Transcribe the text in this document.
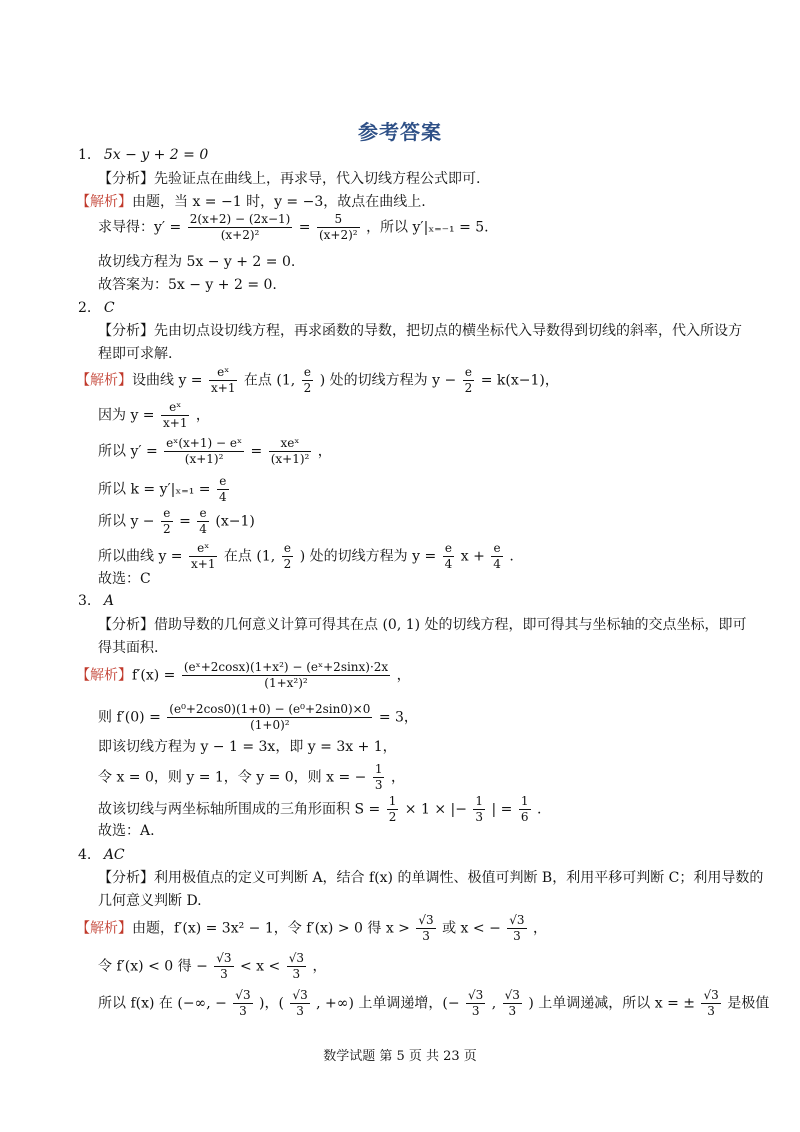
参考答案
1. 5x − y + 2 = 0
【分析】先验证点在曲线上，再求导，代入切线方程公式即可.
【解析】由题，当 x = −1 时，y = −3，故点在曲线上.
求导得：$y' = \frac{2(x+2) - (2x-1)}{\text{(x+2)²}} = \frac{5}{\text{(x+2)²}}$ ，所以 y′|ₓ₌₋₁ = 5.
故切线方程为 5x − y + 2 = 0.
故答案为：5x − y + 2 = 0.
2. C
【分析】先由切点设切线方程，再求函数的导数，把切点的横坐标代入导数得到切线的斜率，代入所设方
程即可求解.
【解析】设曲线 $y = \frac{\text{eˣ}}{x+1}$ 在点 (1, $\frac{e}{2}$ ) 处的切线方程为 $y - \frac{e}{2} = k(x-1)$，
因为 $y = \frac{\text{eˣ}}{x+1}$ ，
所以 $y' = \frac{\text{eˣ(x+1) − eˣ}}{\text{(x+1)²}} = \frac{\text{xeˣ}}{\text{(x+1)²}}$ ，
所以 $k = y'|_{x=1} = \frac{e}{4}$
所以 $y - \frac{e}{2} = \frac{e}{4} (x-1)$
所以曲线 $y = \frac{\text{eˣ}}{x+1}$ 在点 (1, $\frac{e}{2}$ ) 处的切线方程为 $y = \frac{e}{4}$ $x + \frac{e}{4}$ .
故选：C
3. A
【分析】借助导数的几何意义计算可得其在点 (0, 1) 处的切线方程，即可得其与坐标轴的交点坐标，即可
得其面积.
【解析】$f'(x) = \frac{\text{(eˣ+2cosx)(1+x²) − (eˣ+2sinx)·2x}}{\text{(1+x²)²}}$ ，
则 $f'(0) = \frac{\text{(e⁰+2cos0)(1+0) − (e⁰+2sin0)×0}}{\text{(1+0)²}} = 3$，
即该切线方程为 y − 1 = 3x，即 y = 3x + 1，
令 x = 0，则 y = 1，令 y = 0，则 x = − $\frac{1}{3}$ ，
故该切线与两坐标轴所围成的三角形面积 $S = \frac{1}{2} \times 1$ × |− $\frac{1}{3}$ | = $\frac{1}{6}$ .
故选：A.
4. AC
【分析】利用极值点的定义可判断 A，结合 f(x) 的单调性、极值可判断 B，利用平移可判断 C；利用导数的
几何意义判断 D.
【解析】由题，f′(x) = 3x² − 1，令 f′(x) > 0 得 $x > \frac{√3}{3}$ 或 x < − $\frac{√3}{3}$ ，
令 f′(x) < 0 得 − $\frac{√3}{3} < x < \frac{√3}{3}$ ，
所以 f(x) 在 (−∞, − $\frac{√3}{3}$ )，( $\frac{√3}{3}$ , +∞) 上单调递增，(− $\frac{√3}{3}$ , $\frac{√3}{3}$ ) 上单调递减，所以 x = ± $\frac{√3}{3}$ 是极值
数学试题 第 5 页 共 23 页
